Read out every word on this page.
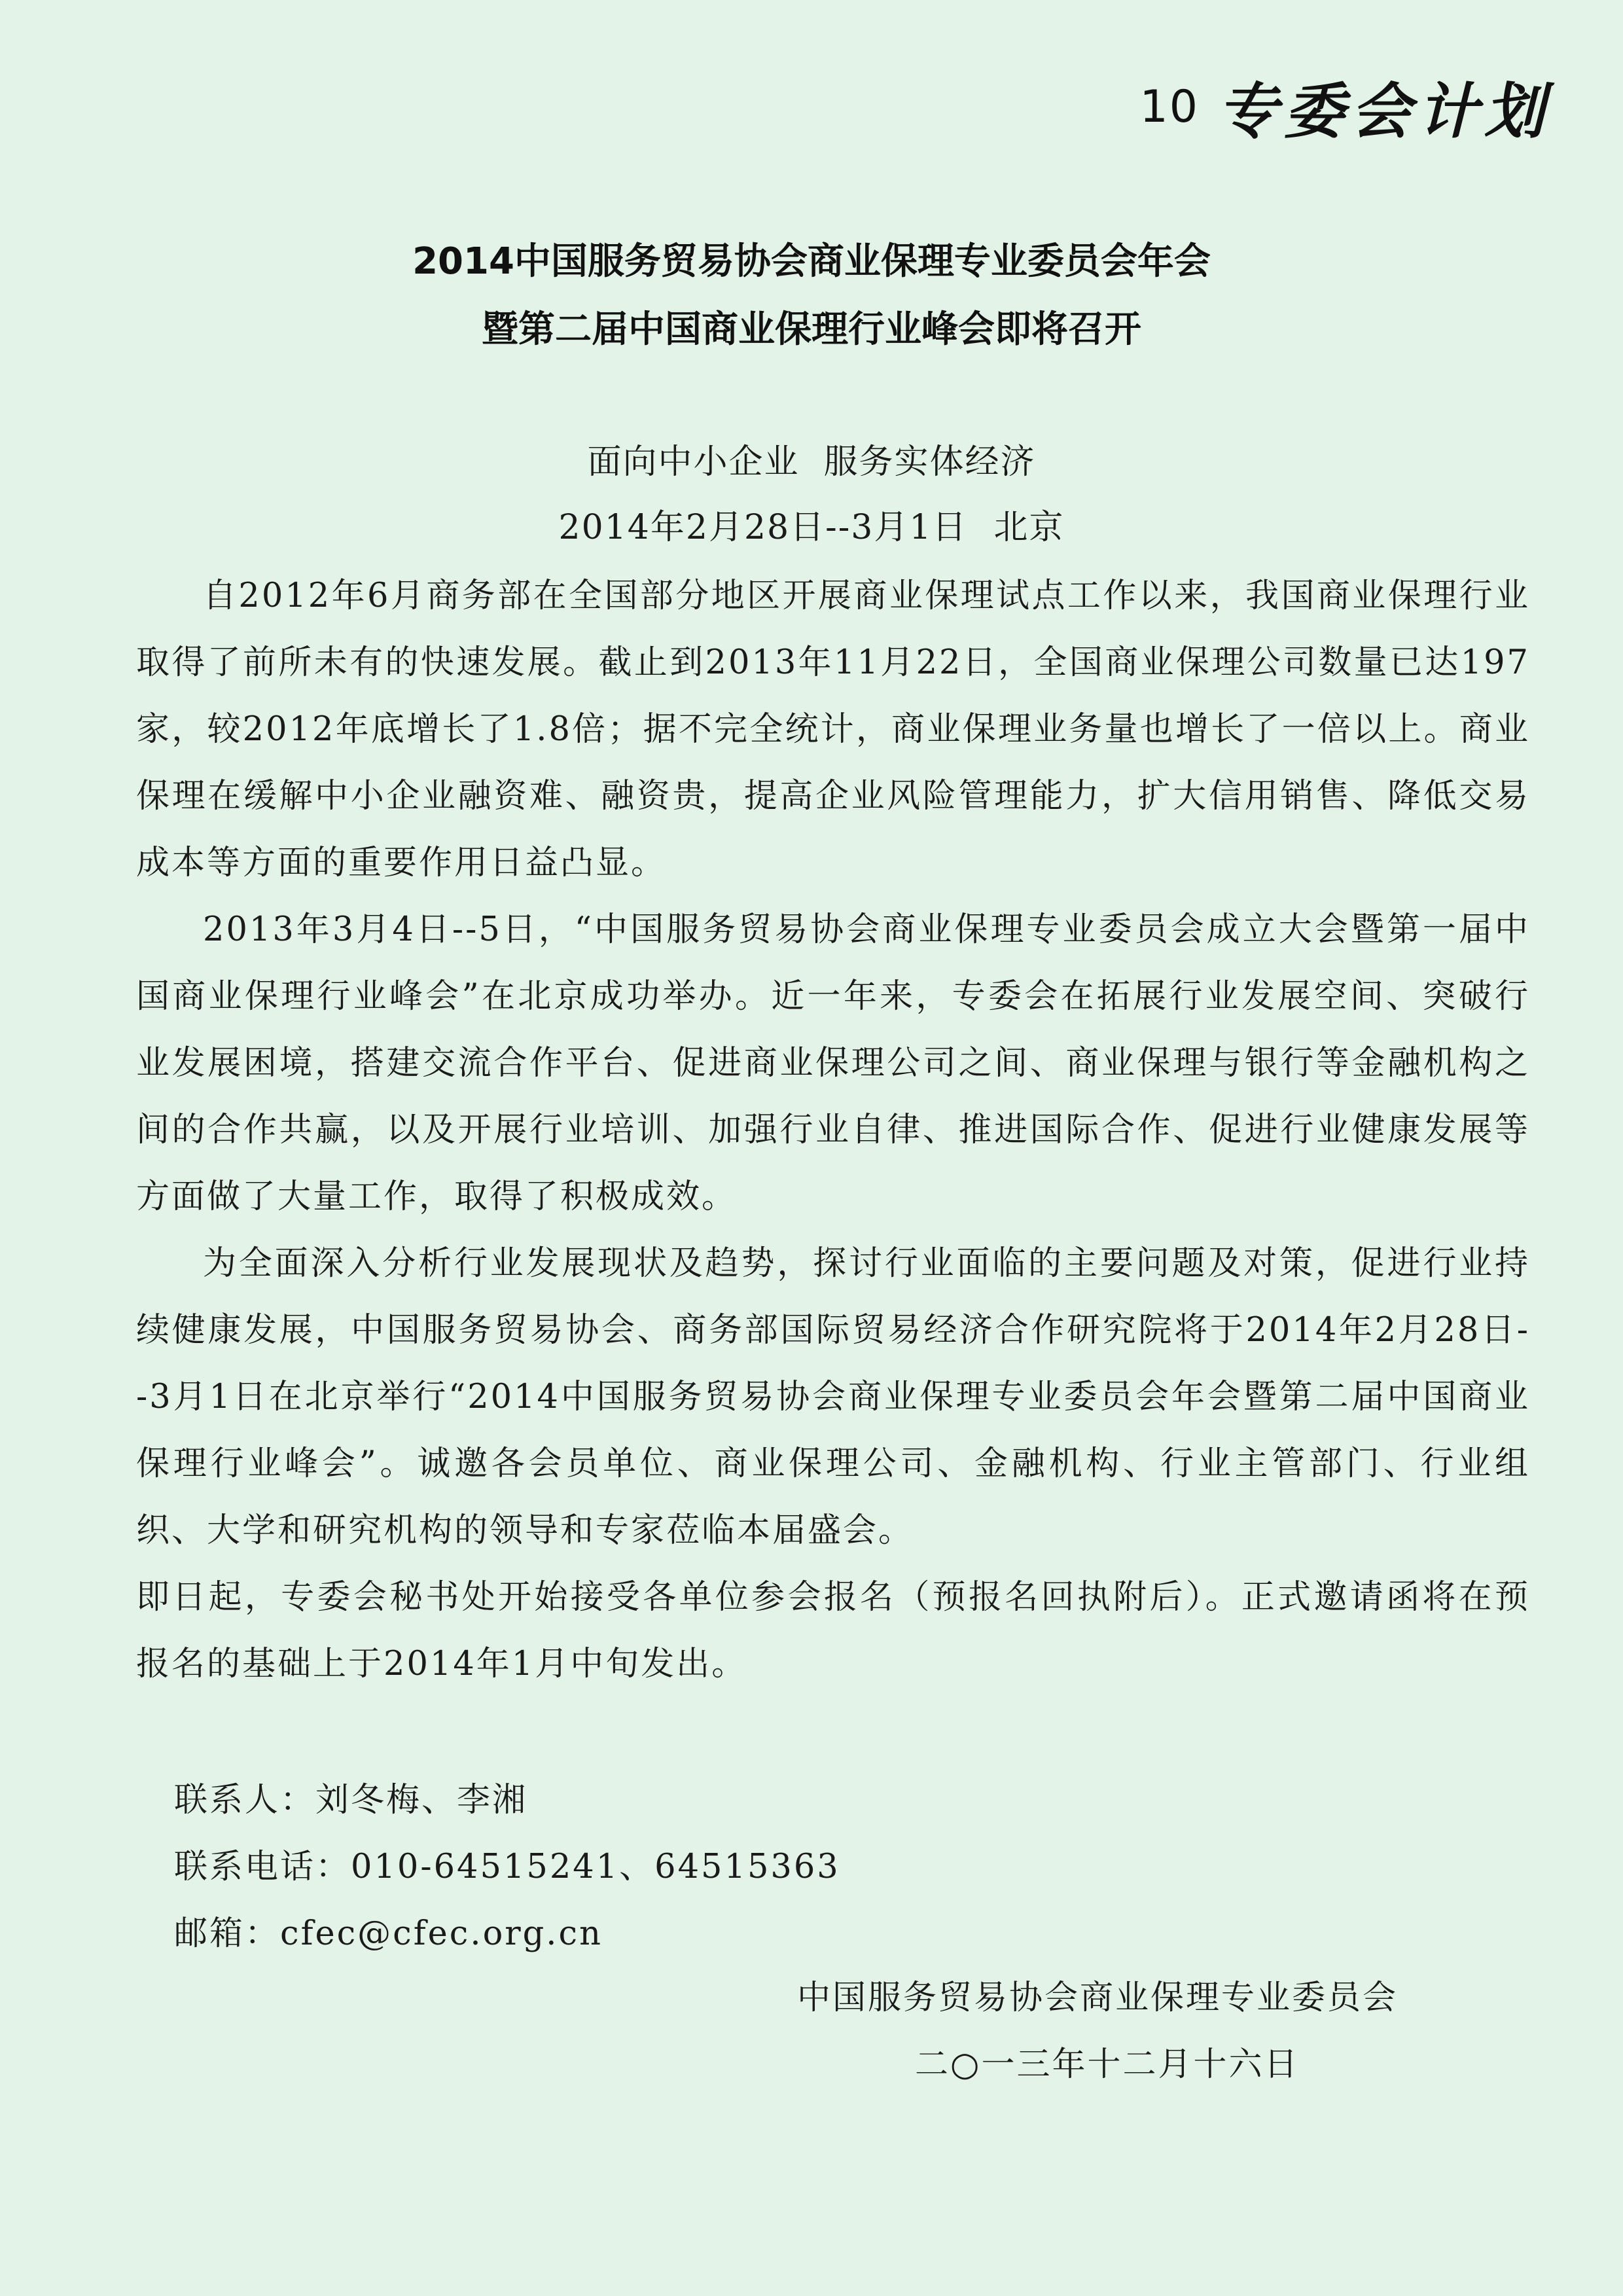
10 专委会计划
2014中国服务贸易协会商业保理专业委员会年会
暨第二届中国商业保理行业峰会即将召开
面向中小企业  服务实体经济
2014年2月28日--3月1日 北京

自2012年6月商务部在全国部分地区开展商业保理试点工作以来，我国商业保理行业取得了前所未有的快速发展。截止到2013年11月22日，全国商业保理公司数量已达197家，较2012年底增长了1.8倍；据不完全统计，商业保理业务量也增长了一倍以上。商业保理在缓解中小企业融资难、融资贵，提高企业风险管理能力，扩大信用销售、降低交易成本等方面的重要作用日益凸显。

2013年3月4日--5日，“中国服务贸易协会商业保理专业委员会成立大会暨第一届中国商业保理行业峰会”在北京成功举办。近一年来，专委会在拓展行业发展空间、突破行业发展困境，搭建交流合作平台、促进商业保理公司之间、商业保理与银行等金融机构之间的合作共赢，以及开展行业培训、加强行业自律、推进国际合作、促进行业健康发展等方面做了大量工作，取得了积极成效。

为全面深入分析行业发展现状及趋势，探讨行业面临的主要问题及对策，促进行业持续健康发展，中国服务贸易协会、商务部国际贸易经济合作研究院将于2014年2月28日--3月1日在北京举行“2014中国服务贸易协会商业保理专业委员会年会暨第二届中国商业保理行业峰会”。诚邀各会员单位、商业保理公司、金融机构、行业主管部门、行业组织、大学和研究机构的领导和专家莅临本届盛会。

即日起，专委会秘书处开始接受各单位参会报名（预报名回执附后）。正式邀请函将在预报名的基础上于2014年1月中旬发出。

联系人：刘冬梅、李湘
联系电话：010-64515241、64515363
邮箱：cfec@cfec.org.cn
中国服务贸易协会商业保理专业委员会
二○一三年十二月十六日
